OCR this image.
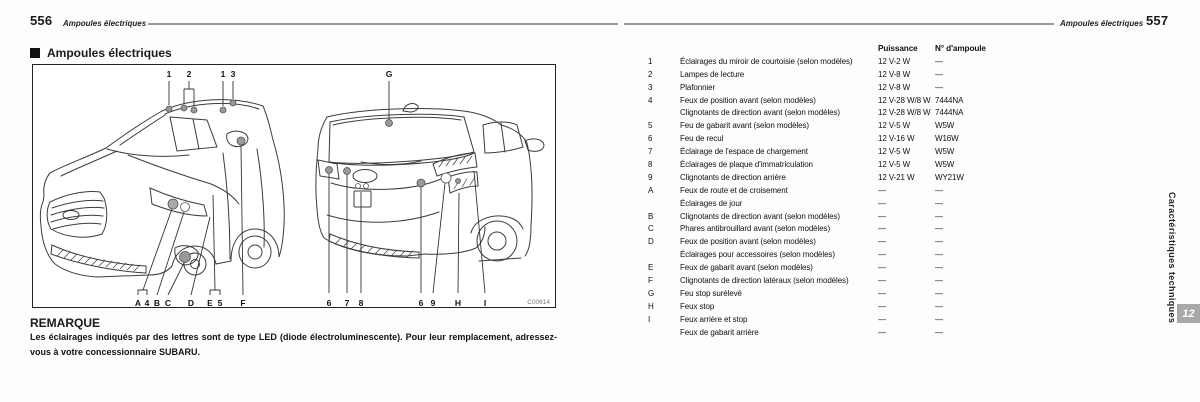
556 Ampoules électriques	Ampoules électriques 557
Ampoules électriques
1 2	1 3	G
A 4 B C D E 5 F	6 7 8	6 9 H	I	C00614
REMARQUE
Les éclairages indiqués par des lettres sont de type LED (diode électroluminescente). Pour leur remplacement, adressez-vous à votre concessionnaire SUBARU.
Puissance	N° d'ampoule
1	Éclairages du miroir de courtoisie (selon modèles)	12 V-2 W	—
2	Lampes de lecture	12 V-8 W	—
3	Plafonnier	12 V-8 W	—
4	Feux de position avant (selon modèles)	12 V-28 W/8 W 7444NA
Clignotants de direction avant (selon modèles)	12 V-28 W/8 W 7444NA
5	Feu de gabarit avant (selon modèles)	12 V-5 W	W5W
6	Feu de recul	12 V-16 W	W16W
7	Éclairage de l'espace de chargement	12 V-5 W	W5W
8	Éclairages de plaque d'immatriculation	12 V-5 W	W5W
9	Clignotants de direction arrière	12 V-21 W	WY21W
A	Feux de route et de croisement	—	—
Éclairages de jour	—	—
B	Clignotants de direction avant (selon modèles)	—	—
C	Phares antibrouillard avant (selon modèles)	—	—
D	Feux de position avant (selon modèles)	—	—
Éclairages pour accessoires (selon modèles)	—	—
E	Feux de gabarit avant (selon modèles)	—	—
F	Clignotants de direction latéraux (selon modèles)	—	—
G	Feu stop surélevé	—	—
H	Feux stop	—	—
I	Feux arrière et stop	—	—
Feux de gabarit arrière	—	—
Caractéristiques techniques 12
